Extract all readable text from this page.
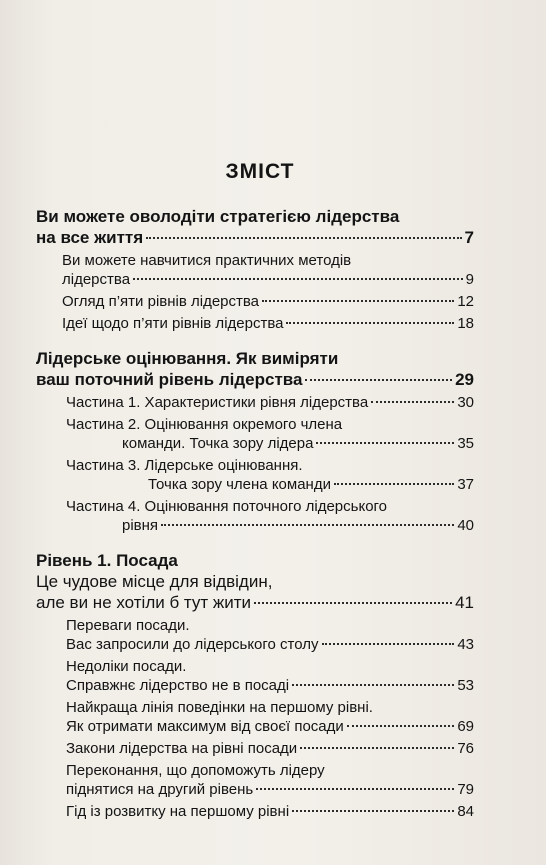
ЗМІСТ
Ви можете оволодіти стратегією лідерства
на все життя	7
Ви можете навчитися практичних методів
лідерства	9
Огляд п’яти рівнів лідерства	12
Ідеї щодо п’яти рівнів лідерства	18
Лідерське оцінювання. Як виміряти
ваш поточний рівень лідерства	29
Частина 1. Характеристики рівня лідерства	30
Частина 2. Оцінювання окремого члена
команди. Точка зору лідера	35
Частина 3. Лідерське оцінювання.
Точка зору члена команди	37
Частина 4. Оцінювання поточного лідерського
рівня	40
Рівень 1. Посада
Це чудове місце для відвідин,
але ви не хотіли б тут жити	41
Переваги посади.
Вас запросили до лідерського столу	43
Недоліки посади.
Справжнє лідерство не в посаді	53
Найкраща лінія поведінки на першому рівні.
Як отримати максимум від своєї посади	69
Закони лідерства на рівні посади	76
Переконання, що допоможуть лідеру
піднятися на другий рівень	79
Гід із розвитку на першому рівні	84
